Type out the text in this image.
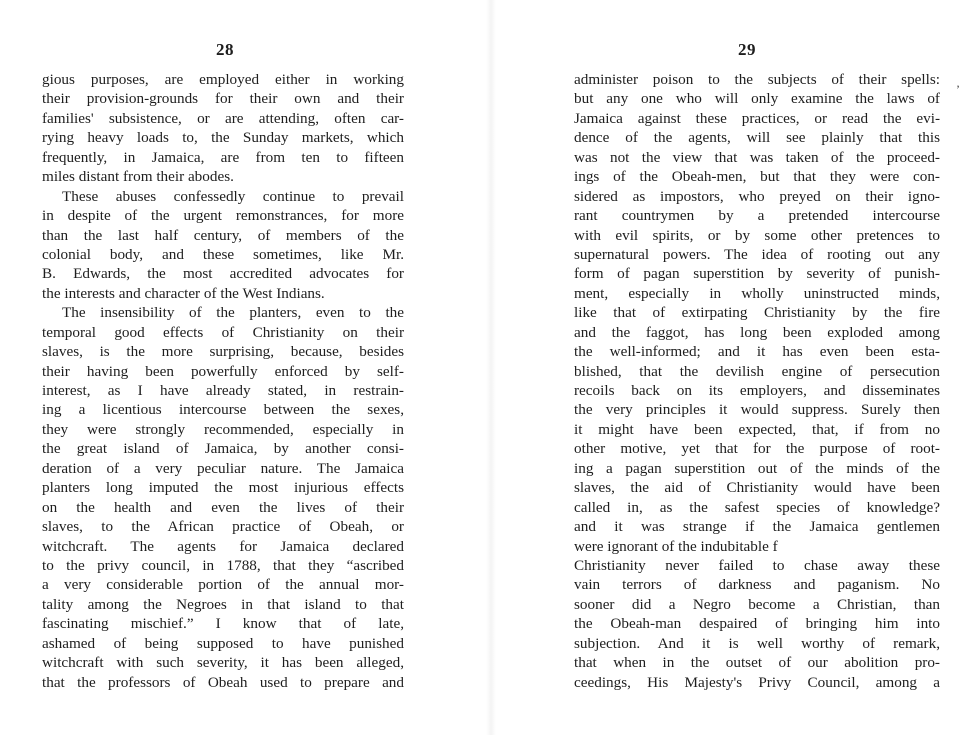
28
gious purposes, are employed either in working
their provision-grounds for their own and their
families' subsistence, or are attending, often car-
rying heavy loads to, the Sunday markets, which
frequently, in Jamaica, are from ten to fifteen
miles distant from their abodes.
These abuses confessedly continue to prevail
in despite of the urgent remonstrances, for more
than the last half century, of members of the
colonial body, and these sometimes, like Mr.
B. Edwards, the most accredited advocates for
the interests and character of the West Indians.
The insensibility of the planters, even to the
temporal good effects of Christianity on their
slaves, is the more surprising, because, besides
their having been powerfully enforced by self-
interest, as I have already stated, in restrain-
ing a licentious intercourse between the sexes,
they were strongly recommended, especially in
the great island of Jamaica, by another consi-
deration of a very peculiar nature. The Jamaica
planters long imputed the most injurious effects
on the health and even the lives of their
slaves, to the African practice of Obeah, or
witchcraft. The agents for Jamaica declared
to the privy council, in 1788, that they “ascribed
a very considerable portion of the annual mor-
tality among the Negroes in that island to that
fascinating mischief.” I know that of late,
ashamed of being supposed to have punished
witchcraft with such severity, it has been alleged,
that the professors of Obeah used to prepare and
29
administer poison to the subjects of their spells:
but any one who will only examine the laws of
Jamaica against these practices, or read the evi-
dence of the agents, will see plainly that this
was not the view that was taken of the proceed-
ings of the Obeah-men, but that they were con-
sidered as impostors, who preyed on their igno-
rant countrymen by a pretended intercourse
with evil spirits, or by some other pretences to
supernatural powers. The idea of rooting out any
form of pagan superstition by severity of punish-
ment, especially in wholly uninstructed minds,
like that of extirpating Christianity by the fire
and the faggot, has long been exploded among
the well-informed; and it has even been esta-
blished, that the devilish engine of persecution
recoils back on its employers, and disseminates
the very principles it would suppress. Surely then
it might have been expected, that, if from no
other motive, yet that for the purpose of root-
ing a pagan superstition out of the minds of the
slaves, the aid of Christianity would have been
called in, as the safest species of knowledge?
and it was strange if the Jamaica gentlemen
were ignorant of the indubitable f
Christianity never failed to chase away these
vain terrors of darkness and paganism. No
sooner did a Negro become a Christian, than
the Obeah-man despaired of bringing him into
subjection. And it is well worthy of remark,
that when in the outset of our abolition pro-
ceedings, His Majesty's Privy Council, among a
’
